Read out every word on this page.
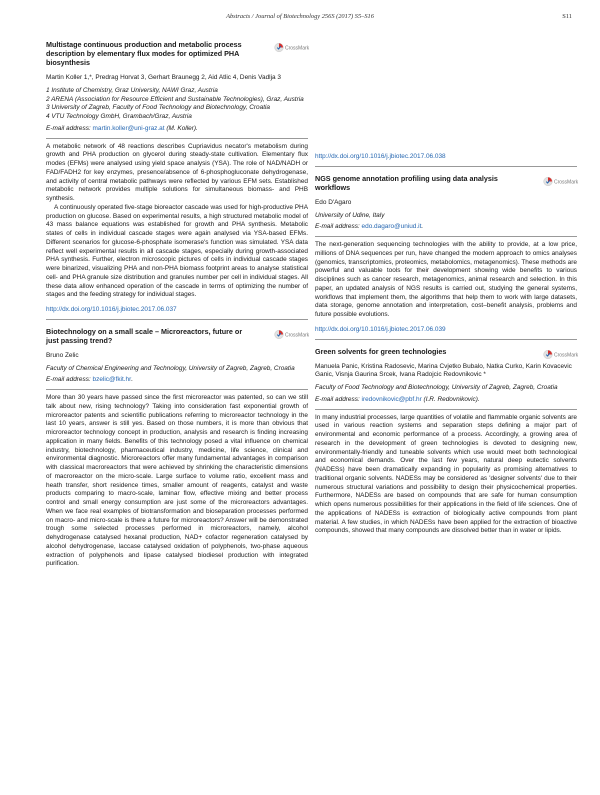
Abstracts / Journal of Biotechnology 256S (2017) S5–S16	S11
CrossMark
Multistage continuous production and metabolic process description by elementary flux modes for optimized PHA biosynthesis
Martin Koller 1,*, Predrag Horvat 3, Gerhart Braunegg 2, Aid Atlic 4, Denis Vadlja 3
1 Institute of Chemistry, Graz University, NAWI Graz, Austria
2 ARENA (Association for Resource Efficient and Sustainable Technologies), Graz, Austria
3 University of Zagreb, Faculty of Food Technology and Biotechnology, Croatia
4 VTU Technology GmbH, Grambach/Graz, Austria
E-mail address: martin.koller@uni-graz.at (M. Koller).

A metabolic network of 48 reactions describes Cupriavidus necator's metabolism during growth and PHA production on glycerol during steady-state cultivation. Elementary flux modes (EFMs) were analysed using yield space analysis (YSA). The role of NAD/NADH or FAD/FADH2 for key enzymes, presence/absence of 6-phosphogluconate dehydrogenase, and activity of central metabolic pathways were reflected by various EFM sets. Established metabolic network provides multiple solutions for simultaneous biomass- and PHB synthesis.

A continuously operated five-stage bioreactor cascade was used for high-productive PHA production on glucose. Based on experimental results, a high structured metabolic model of 43 mass balance equations was established for growth and PHA synthesis. Metabolic states of cells in individual cascade stages were again analysed via YSA-based EFMs. Different scenarios for glucose-6-phosphate isomerase's function was simulated. YSA data reflect well experimental results in all cascade stages, especially during growth-associated PHA synthesis. Further, electron microscopic pictures of cells in individual cascade stages were binarized, visualizing PHA and non-PHA biomass footprint areas to analyse statistical cell- and PHA granule size distribution and granules number per cell in individual stages. All these data allow enhanced operation of the cascade in terms of optimizing the number of stages and the feeding strategy for individual stages.

http://dx.doi.org/10.1016/j.jbiotec.2017.06.037
CrossMark
Biotechnology on a small scale – Microreactors, future or just passing trend?
Bruno Zelic
Faculty of Chemical Engineering and Technology, University of Zagreb, Zagreb, Croatia
E-mail address: bzelic@fkit.hr.

More than 30 years have passed since the first microreactor was patented, so can we still talk about new, rising technology? Taking into consideration fast exponential growth of microreactor patents and scientific publications referring to microreactor technology in the last 10 years, answer is still yes. Based on those numbers, it is more than obvious that microreactor technology concept in production, analysis and research is finding increasing application in many fields. Benefits of this technology posed a vital influence on chemical industry, biotechnology, pharmaceutical industry, medicine, life science, clinical and environmental diagnostic. Microreactors offer many fundamental advantages in comparison with classical macroreactors that were achieved by shrinking the characteristic dimensions of macroreactor on the micro-scale. Large surface to volume ratio, excellent mass and heath transfer, short residence times, smaller amount of reagents, catalyst and waste products comparing to macro-scale, laminar flow, effective mixing and better process control and small energy consumption are just some of the microreactors advantages. When we face real examples of biotransformation and bioseparation processes performed on macro- and micro-scale is there a future for microreactors? Answer will be demonstrated trough some selected processes performed in microreactors, namely, alcohol dehydrogenase catalysed hexanal production, NAD+ cofactor regeneration catalysed by alcohol dehydrogenase, laccase catalysed oxidation of polyphenols, two-phase aqueous extraction of polyphenols and lipase catalysed biodiesel production with integrated purification.

http://dx.doi.org/10.1016/j.jbiotec.2017.06.038
CrossMark
NGS genome annotation profiling using data analysis workflows
Edo D'Agaro
University of Udine, Italy
E-mail address: edo.dagaro@uniud.it.

The next-generation sequencing technologies with the ability to provide, at a low price, millions of DNA sequences per run, have changed the modern approach to omics analyses (genomics, transcriptomics, proteomics, metabolomics, metagenomics). These methods are powerful and valuable tools for their development showing wide benefits to various disciplines such as cancer research, metagenomics, animal research and selection. In this paper, an updated analysis of NGS results is carried out, studying the general systems, workflows that implement them, the algorithms that help them to work with large datasets, data storage, genome annotation and interpretation, cost–benefit analysis, problems and future possible evolutions.

http://dx.doi.org/10.1016/j.jbiotec.2017.06.039
CrossMark
Green solvents for green technologies
Manuela Panic, Kristina Radosevic, Marina Cvjetko Bubalo, Natka Curko, Karin Kovacevic Ganic, Visnja Gaurina Srcek, Ivana Radojcic Redovnikovic *
Faculty of Food Technology and Biotechnology, University of Zagreb, Zagreb, Croatia
E-mail address: iredovnikovic@pbf.hr (I.R. Redovnikovic).

In many industrial processes, large quantities of volatile and flammable organic solvents are used in various reaction systems and separation steps defining a major part of environmental and economic performance of a process. Accordingly, a growing area of research in the development of green technologies is devoted to designing new, environmentally-friendly and tuneable solvents which use would meet both technological and economical demands. Over the last few years, natural deep eutectic solvents (NADESs) have been dramatically expanding in popularity as promising alternatives to traditional organic solvents. NADESs may be considered as 'designer solvents' due to their numerous structural variations and possibility to design their physicochemical properties. Furthermore, NADESs are based on compounds that are safe for human consumption which opens numerous possibilities for their applications in the field of life sciences. One of the applications of NADESs is extraction of biologically active compounds from plant material. A few studies, in which NADESs have been applied for the extraction of bioactive compounds, showed that many compounds are dissolved better than in water or lipids.
